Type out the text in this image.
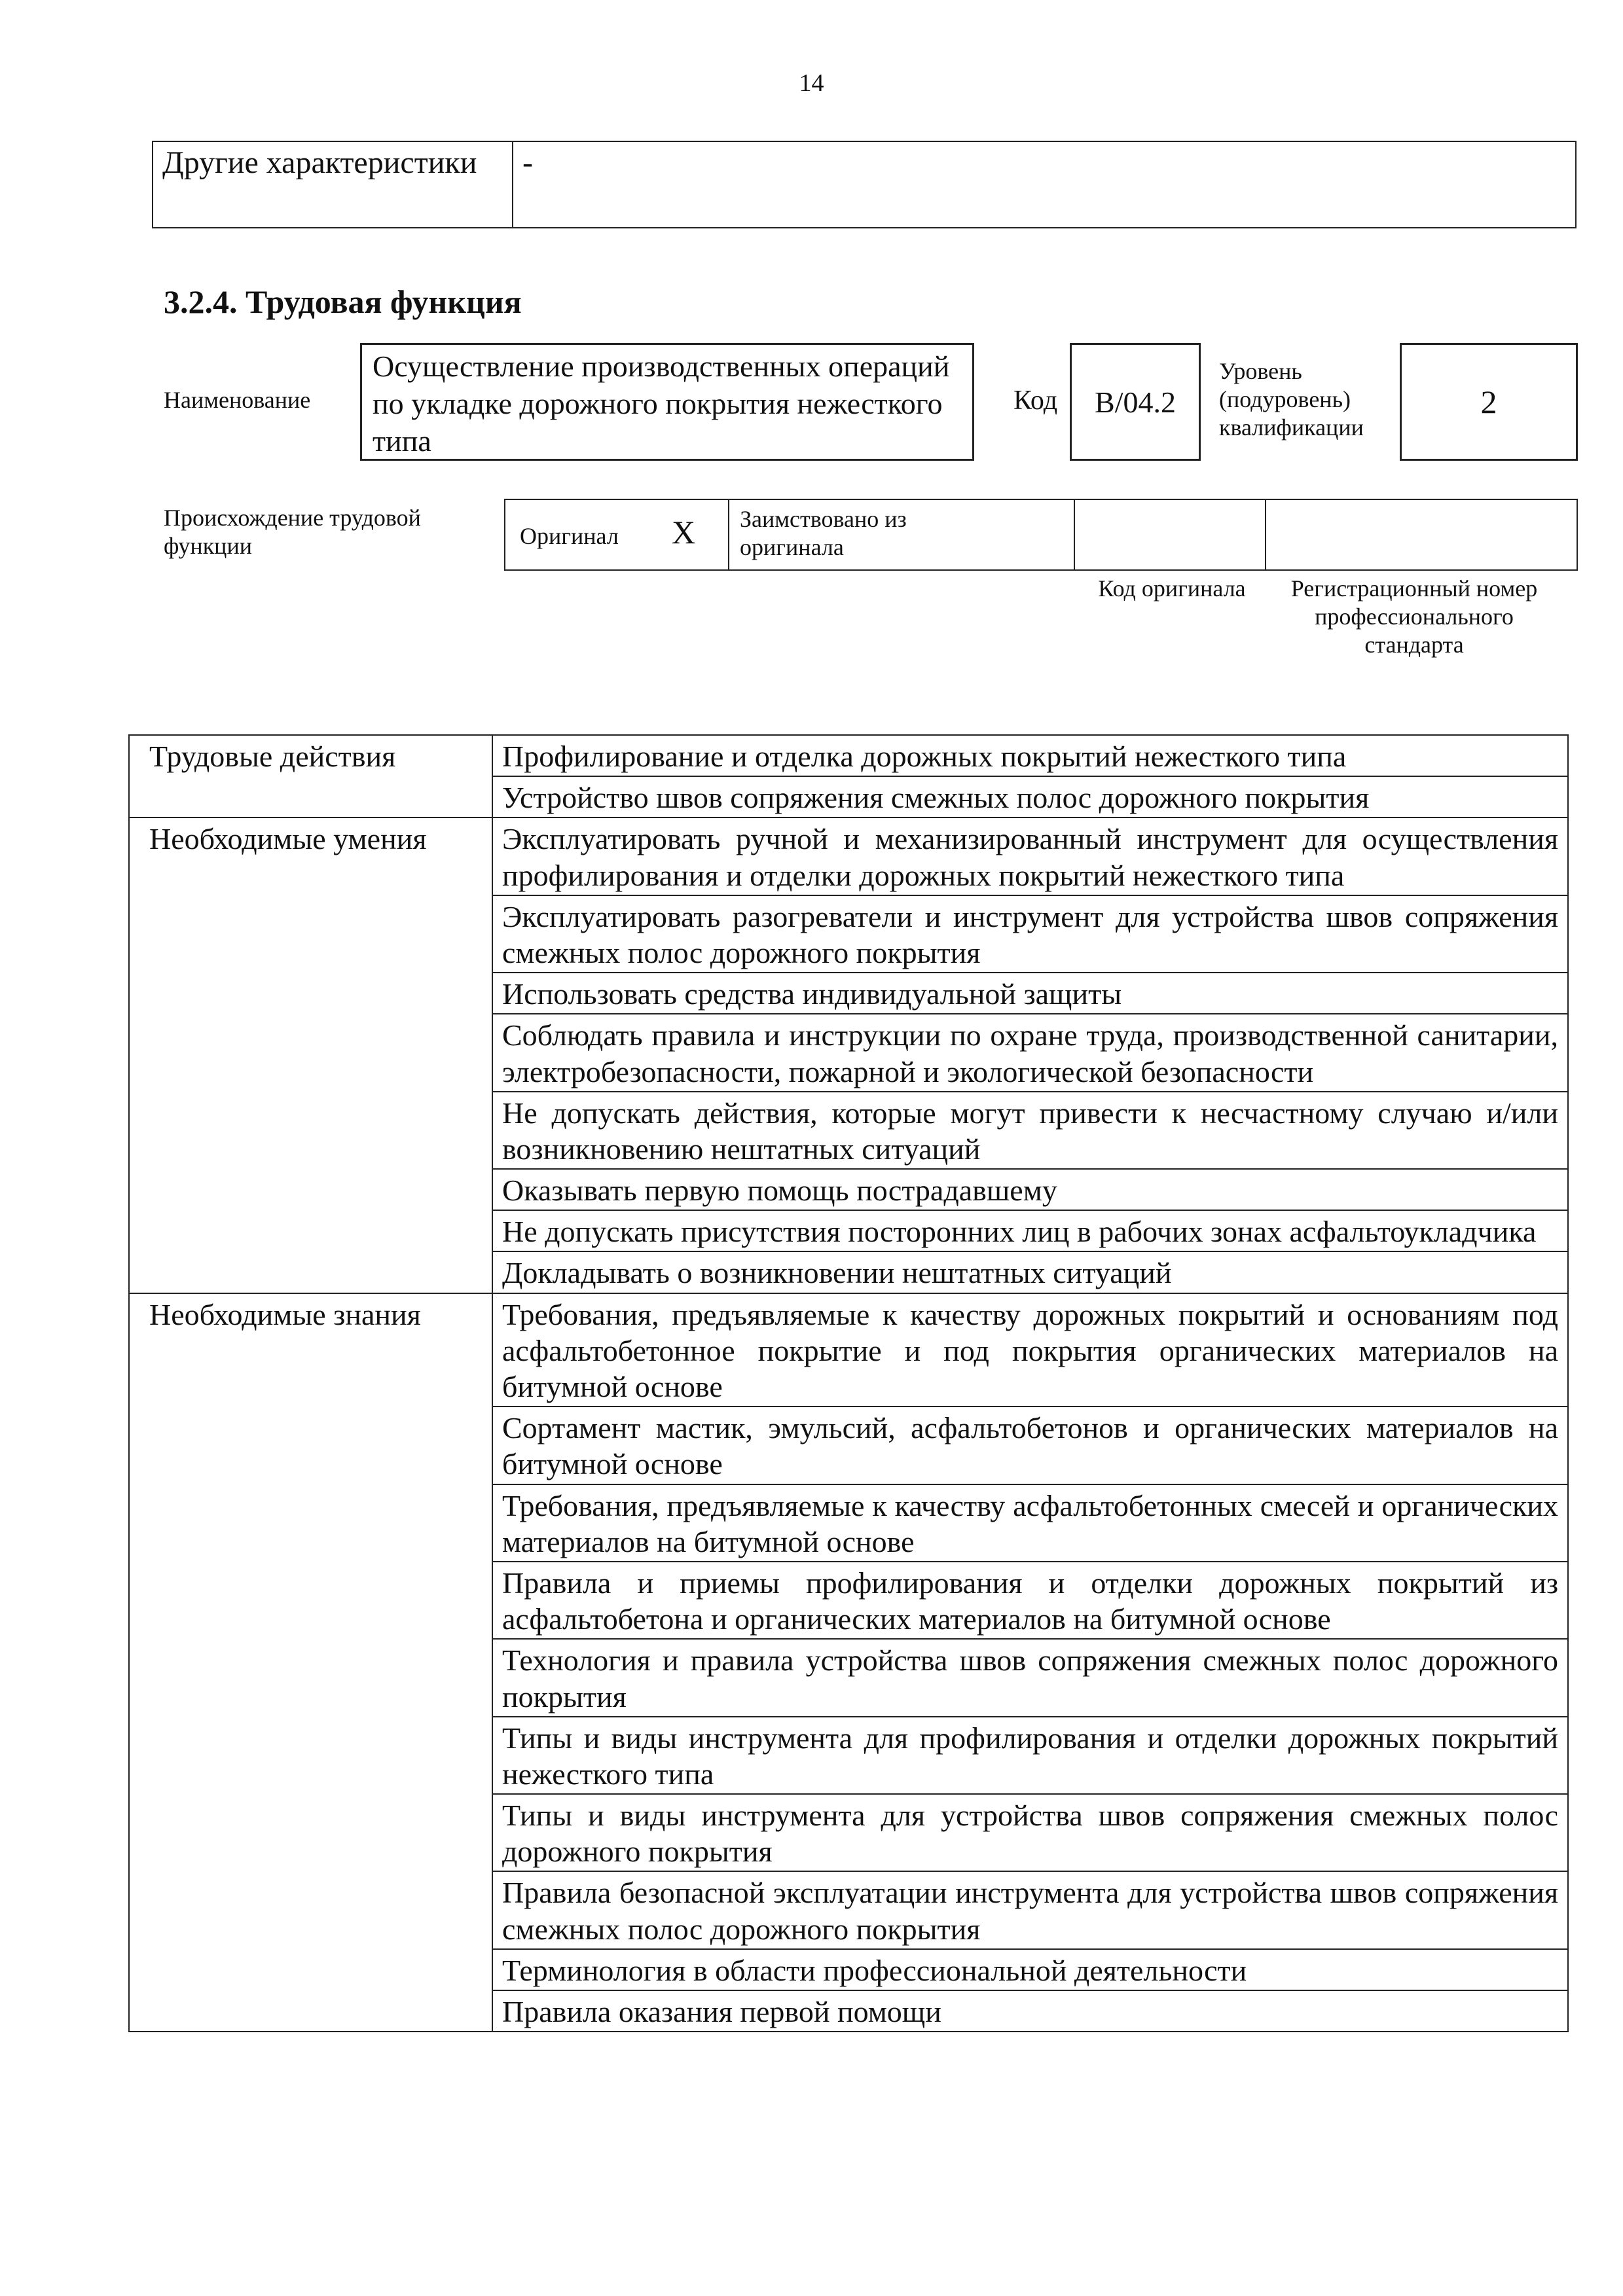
14
Другие характеристики	-
3.2.4. Трудовая функция
Наименование
Осуществление производственных операций по укладке дорожного покрытия нежесткого типа
Код B/04.2
Уровень (подуровень) квалификации
2
Происхождение трудовой функции	Оригинал X Заимствовано из оригинала
Код оригинала	Регистрационный номер профессионального стандарта
Трудовые действия	Профилирование и отделка дорожных покрытий нежесткого типа
	Устройство швов сопряжения смежных полос дорожного покрытия
Необходимые умения	Эксплуатировать ручной и механизированный инструмент для осуществления профилирования и отделки дорожных покрытий нежесткого типа
	Эксплуатировать разогреватели и инструмент для устройства швов сопряжения смежных полос дорожного покрытия
	Использовать средства индивидуальной защиты
	Соблюдать правила и инструкции по охране труда, производственной санитарии, электробезопасности, пожарной и экологической безопасности
	Не допускать действия, которые могут привести к несчастному случаю и/или возникновению нештатных ситуаций
	Оказывать первую помощь пострадавшему
	Не допускать присутствия посторонних лиц в рабочих зонах асфальтоукладчика
	Докладывать о возникновении нештатных ситуаций
Необходимые знания	Требования, предъявляемые к качеству дорожных покрытий и основаниям под асфальтобетонное покрытие и под покрытия органических материалов на битумной основе
	Сортамент мастик, эмульсий, асфальтобетонов и органических материалов на битумной основе
	Требования, предъявляемые к качеству асфальтобетонных смесей и органических материалов на битумной основе
	Правила и приемы профилирования и отделки дорожных покрытий из асфальтобетона и органических материалов на битумной основе
	Технология и правила устройства швов сопряжения смежных полос дорожного покрытия
	Типы и виды инструмента для профилирования и отделки дорожных покрытий нежесткого типа
	Типы и виды инструмента для устройства швов сопряжения смежных полос дорожного покрытия
	Правила безопасной эксплуатации инструмента для устройства швов сопряжения смежных полос дорожного покрытия
	Терминология в области профессиональной деятельности
	Правила оказания первой помощи
